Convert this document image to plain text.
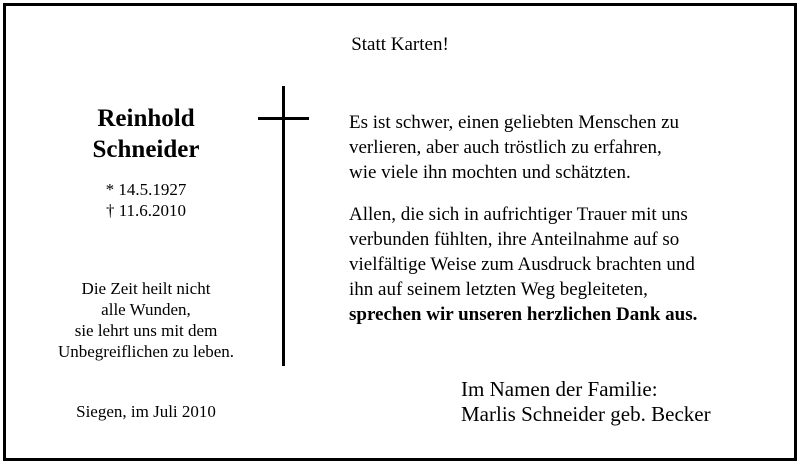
Statt Karten!
Reinhold
Schneider
* 14.5.1927
† 11.6.2010
Die Zeit heilt nicht
alle Wunden,
sie lehrt uns mit dem
Unbegreiflichen zu leben.
Siegen, im Juli 2010
Es ist schwer, einen geliebten Menschen zu
verlieren, aber auch tröstlich zu erfahren,
wie viele ihn mochten und schätzten.
Allen, die sich in aufrichtiger Trauer mit uns
verbunden fühlten, ihre Anteilnahme auf so
vielfältige Weise zum Ausdruck brachten und
ihn auf seinem letzten Weg begleiteten,
sprechen wir unseren herzlichen Dank aus.
Im Namen der Familie:
Marlis Schneider geb. Becker
